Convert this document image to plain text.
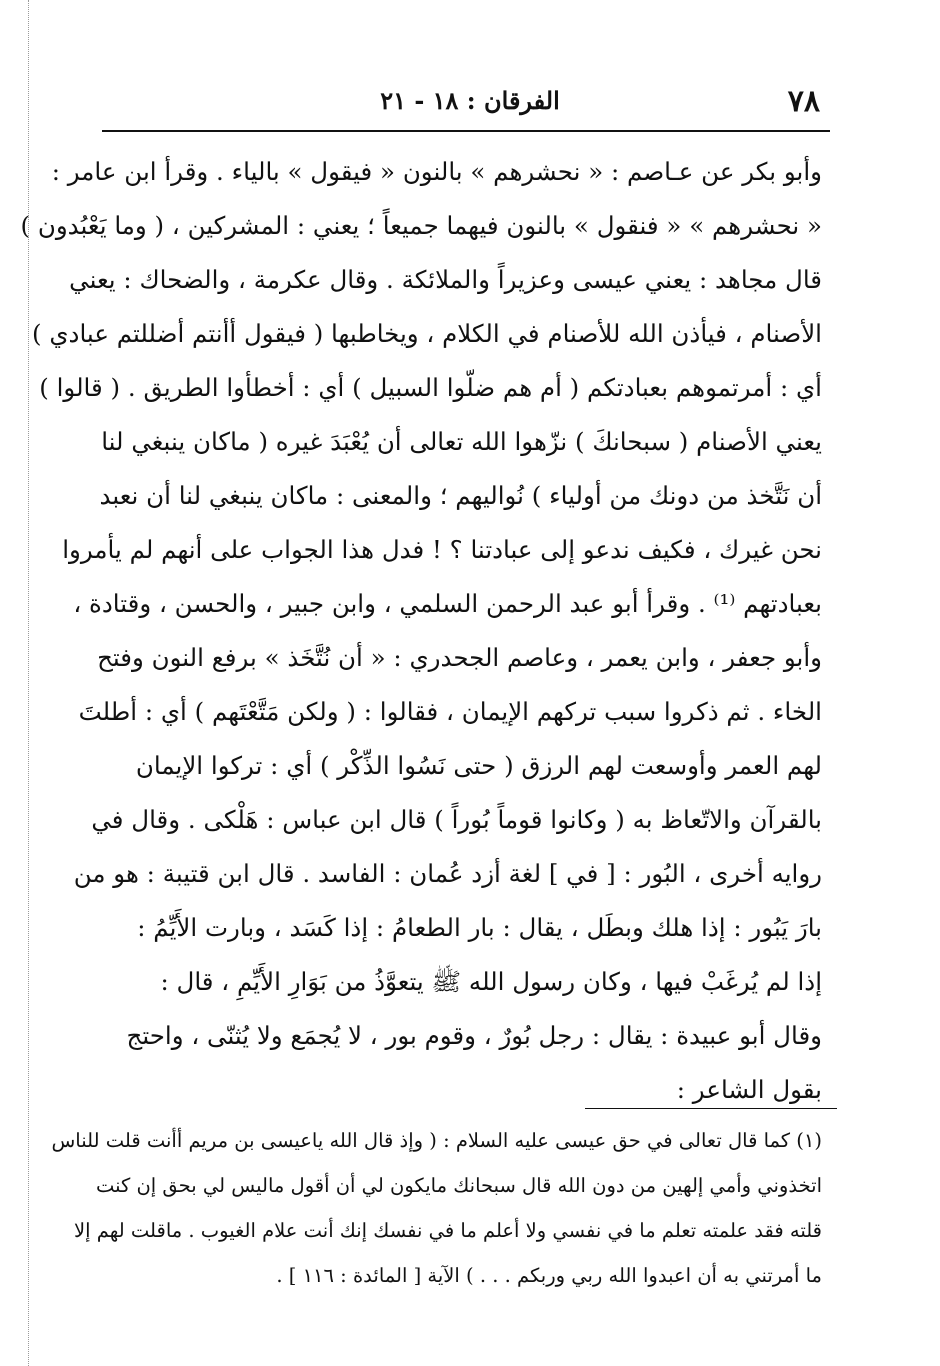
٧٨
الفرقان : ١٨ - ٢١
وأبو بكر عن عـاصم : « نحشرهم » بالنون « فيقول » بالياء . وقرأ ابن عامر :
« نحشرهم » « فنقول » بالنون فيهما جميعاً ؛ يعني : المشركين ، ( وما يَعْبُدون )
قال مجاهد : يعني عيسى وعزيراً والملائكة . وقال عكرمة ، والضحاك : يعني
الأصنام ، فيأذن الله للأصنام في الكلام ، ويخاطبها ( فيقول أأنتم أضللتم عبادي )
أي : أمرتموهم بعبادتكم ( أم هم ضلّوا السبيل ) أي : أخطأوا الطريق . ( قالوا )
يعني الأصنام ( سبحانكَ ) نزّهوا الله تعالى أن يُعْبَدَ غيره ( ماكان ينبغي لنا
أن نَتَّخذ من دونك من أولياء ) نُواليهم ؛ والمعنى : ماكان ينبغي لنا أن نعبد
نحن غيرك ، فكيف ندعو إلى عبادتنا ؟ ! فدل هذا الجواب على أنهم لم يأمروا
بعبادتهم ⁽¹⁾ . وقرأ أبو عبد الرحمن السلمي ، وابن جبير ، والحسن ، وقتادة ،
وأبو جعفر ، وابن يعمر ، وعاصم الجحدري : « أن نُتَّخَذ » برفع النون وفتح
الخاء . ثم ذكروا سبب تركهم الإيمان ، فقالوا : ( ولكن مَتَّعْتَهم ) أي : أطلتَ
لهم العمر وأوسعت لهم الرزق ( حتى نَسُوا الذِّكْر ) أي : تركوا الإيمان
بالقرآن والاتّعاظ به ( وكانوا قوماً بُوراً ) قال ابن عباس : هَلْكى . وقال في
روايه أخرى ، البُور : [ في ] لغة أزد عُمان : الفاسد . قال ابن قتيبة : هو من
بارَ يَبُور : إذا هلك وبطَل ، يقال : بار الطعامُ : إذا كَسَد ، وبارت الأَيِّمُ :
إذا لم يُرغَبْ فيها ، وكان رسول الله ﷺ يتعوَّذُ من بَوَارِ الأَيِّمِ ، قال :
وقال أبو عبيدة : يقال : رجل بُورٌ ، وقوم بور ، لا يُجمَع ولا يُثنّى ، واحتج
بقول الشاعر :
(١) كما قال تعالى في حق عيسى عليه السلام : ( وإذ قال الله ياعيسى بن مريم أأنت قلت للناس
اتخذوني وأمي إلهين من دون الله قال سبحانك مايكون لي أن أقول ماليس لي بحق إن كنت
قلته فقد علمته تعلم ما في نفسي ولا أعلم ما في نفسك إنك أنت علام الغيوب . ماقلت لهم إلا
ما أمرتني به أن اعبدوا الله ربي وربكم . . . ) الآية [ المائدة : ١١٦ ] .
